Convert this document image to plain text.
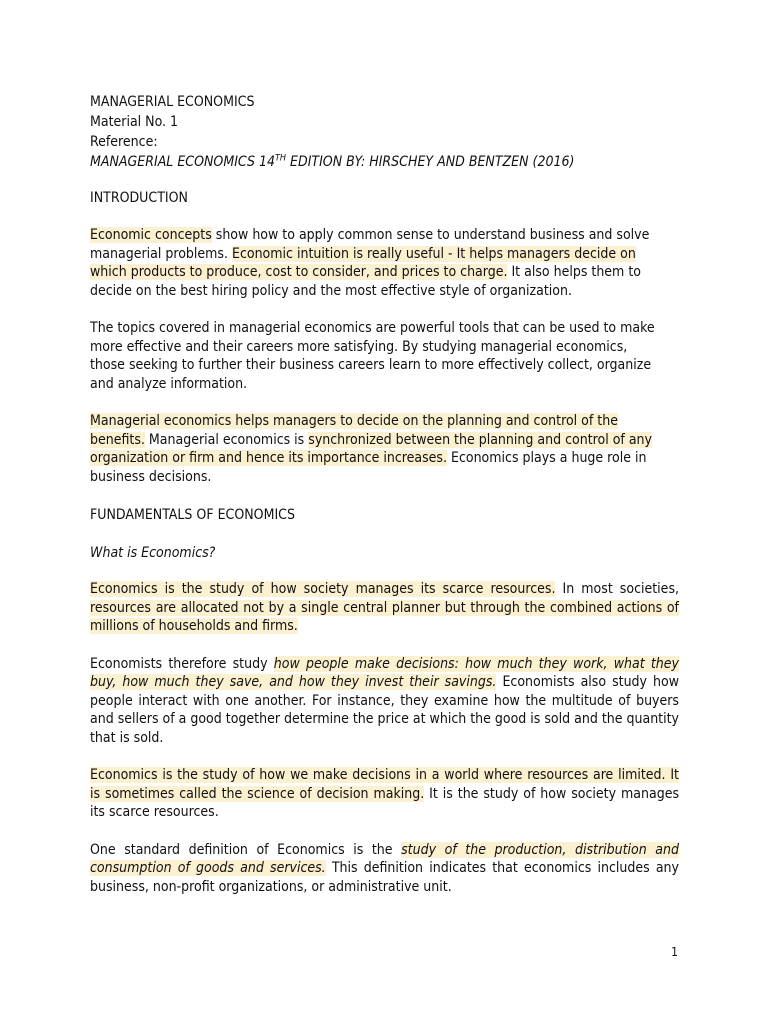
MANAGERIAL ECONOMICS
Material No. 1
Reference:
MANAGERIAL ECONOMICS 14TH EDITION BY: HIRSCHEY AND BENTZEN (2016)
INTRODUCTION

Economic concepts show how to apply common sense to understand business and solve managerial problems. Economic intuition is really useful - It helps managers decide on which products to produce, cost to consider, and prices to charge. It also helps them to decide on the best hiring policy and the most effective style of organization.

The topics covered in managerial economics are powerful tools that can be used to make more effective and their careers more satisfying. By studying managerial economics, those seeking to further their business careers learn to more effectively collect, organize and analyze information.

Managerial economics helps managers to decide on the planning and control of the benefits. Managerial economics is synchronized between the planning and control of any organization or firm and hence its importance increases. Economics plays a huge role in business decisions.

FUNDAMENTALS OF ECONOMICS
What is Economics?

Economics is the study of how society manages its scarce resources. In most societies, resources are allocated not by a single central planner but through the combined actions of millions of households and firms.

Economists therefore study how people make decisions: how much they work, what they buy, how much they save, and how they invest their savings. Economists also study how people interact with one another. For instance, they examine how the multitude of buyers and sellers of a good together determine the price at which the good is sold and the quantity that is sold.

Economics is the study of how we make decisions in a world where resources are limited. It is sometimes called the science of decision making. It is the study of how society manages its scarce resources.

One standard definition of Economics is the study of the production, distribution and consumption of goods and services. This definition indicates that economics includes any business, non-profit organizations, or administrative unit.

1
